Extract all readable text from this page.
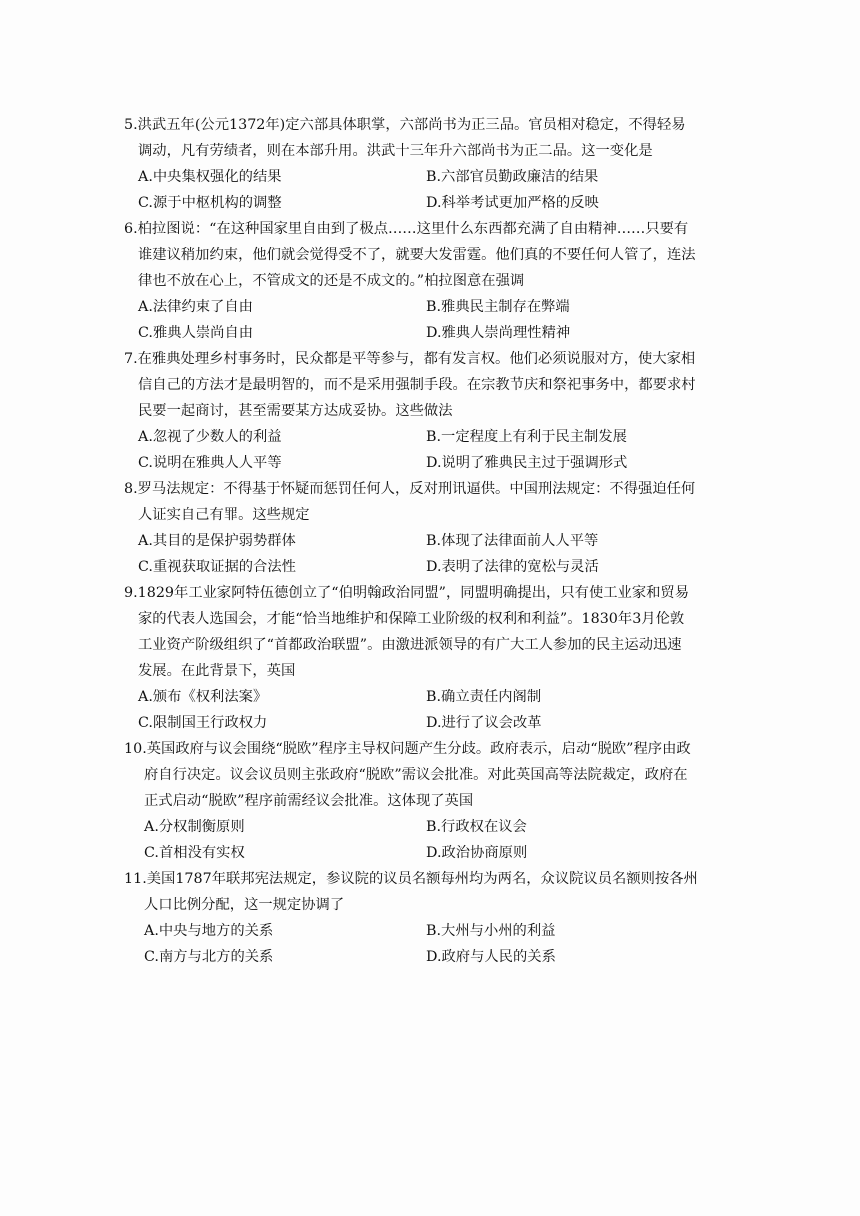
5.洪武五年(公元1372年)定六部具体职掌，六部尚书为正三品。官员相对稳定，不得轻易
调动，凡有劳绩者，则在本部升用。洪武十三年升六部尚书为正二品。这一变化是

A.中央集权强化的结果	B.六部官员勤政廉洁的结果
C.源于中枢机构的调整	D.科举考试更加严格的反映

6.柏拉图说：“在这种国家里自由到了极点……这里什么东西都充满了自由精神……只要有
谁建议稍加约束，他们就会觉得受不了，就要大发雷霆。他们真的不要任何人管了，连法
律也不放在心上，不管成文的还是不成文的。”柏拉图意在强调

A.法律约束了自由	B.雅典民主制存在弊端
C.雅典人崇尚自由	D.雅典人崇尚理性精神

7.在雅典处理乡村事务时，民众都是平等参与，都有发言权。他们必须说服对方，使大家相
信自己的方法才是最明智的，而不是采用强制手段。在宗教节庆和祭祀事务中，都要求村
民要一起商讨，甚至需要某方达成妥协。这些做法

A.忽视了少数人的利益	B.一定程度上有利于民主制发展
C.说明在雅典人人平等	D.说明了雅典民主过于强调形式

8.罗马法规定：不得基于怀疑而惩罚任何人，反对刑讯逼供。中国刑法规定：不得强迫任何
人证实自己有罪。这些规定

A.其目的是保护弱势群体	B.体现了法律面前人人平等
C.重视获取证据的合法性	D.表明了法律的宽松与灵活

9.1829年工业家阿特伍德创立了“伯明翰政治同盟”，同盟明确提出，只有使工业家和贸易
家的代表人选国会，才能“恰当地维护和保障工业阶级的权利和利益”。1830年3月伦敦
工业资产阶级组织了“首都政治联盟”。由激进派领导的有广大工人参加的民主运动迅速
发展。在此背景下，英国

A.颁布《权利法案》	B.确立责任内阁制
C.限制国王行政权力	D.进行了议会改革

10.英国政府与议会围绕“脱欧”程序主导权问题产生分歧。政府表示，启动“脱欧”程序由政
府自行决定。议会议员则主张政府“脱欧”需议会批准。对此英国高等法院裁定，政府在
正式启动“脱欧”程序前需经议会批准。这体现了英国

A.分权制衡原则	B.行政权在议会
C.首相没有实权	D.政治协商原则

11.美国1787年联邦宪法规定，参议院的议员名额每州均为两名，众议院议员名额则按各州
人口比例分配，这一规定协调了

A.中央与地方的关系	B.大州与小州的利益
C.南方与北方的关系	D.政府与人民的关系
